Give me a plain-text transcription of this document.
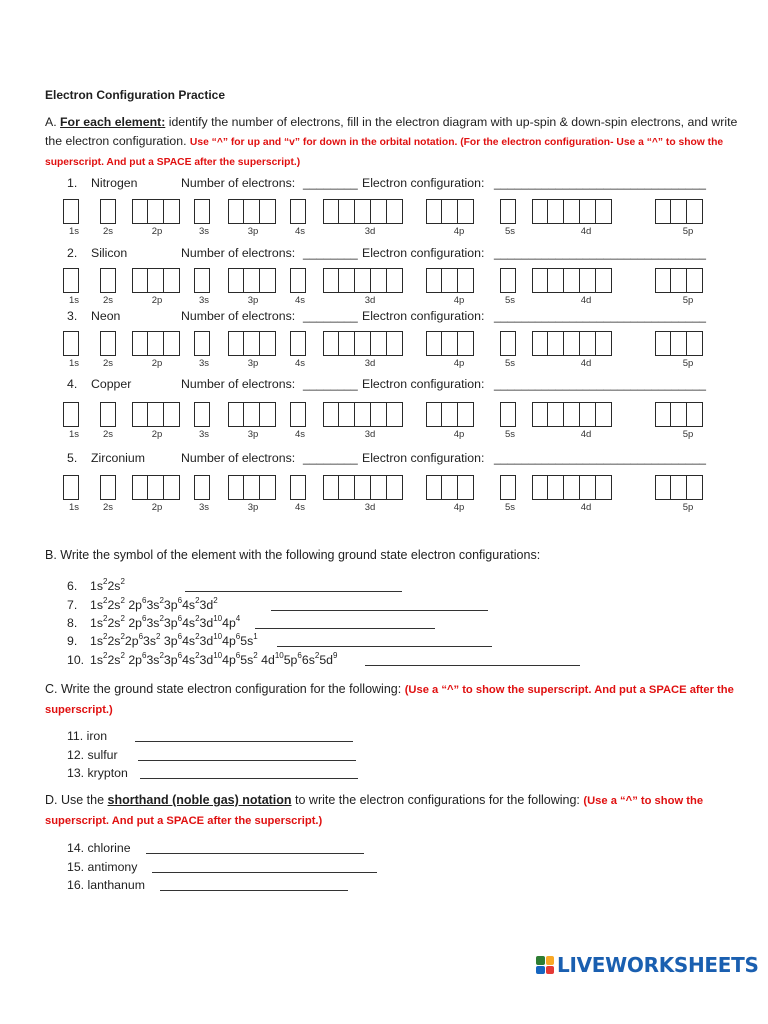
Electron Configuration Practice
A. For each element: identify the number of electrons, fill in the electron diagram with up-spin & down-spin electrons, and write the electron configuration. Use “^” for up and “v” for down in the orbital notation. (For the electron configuration- Use a “^” to show the superscript. And put a SPACE after the superscript.)
1. Nitrogen	Number of electrons: ________ Electron configuration: _______________________________
1s	2s	2p	3s	3p	4s	3d	4p	5s	4d	5p
2. Silicon	Number of electrons: ________ Electron configuration: _______________________________
1s	2s	2p	3s	3p	4s	3d	4p	5s	4d	5p
3. Neon	Number of electrons: ________ Electron configuration: _______________________________
1s	2s	2p	3s	3p	4s	3d	4p	5s	4d	5p
4. Copper	Number of electrons: ________ Electron configuration: _______________________________
1s	2s	2p	3s	3p	4s	3d	4p	5s	4d	5p
5. Zirconium	Number of electrons: ________ Electron configuration: _______________________________
1s	2s	2p	3s	3p	4s	3d	4p	5s	4d	5p
B. Write the symbol of the element with the following ground state electron configurations:
6. $1s^22s^2$
7. $1s^22s^2$ $2p^63s^23p^64s^23d^2$
8. $1s^22s^2$ $2p^63s^23p^64s^23d^{10}4p^4$
9. $1s^22s^22p^63s^2$ $3p^64s^23d^{10}4p^65s^1$
10. $1s^22s^2$ $2p^63s^23p^64s^23d^{10}4p^65s^2$ $4d^{10}5p^66s^25d^9$
C. Write the ground state electron configuration for the following: (Use a “^” to show the superscript. And put a SPACE after the superscript.)
11. iron
12. sulfur
13. krypton
D. Use the shorthand (noble gas) notation to write the electron configurations for the following: (Use a “^” to show the superscript. And put a SPACE after the superscript.)
14. chlorine
15. antimony
16. lanthanum
LIVEWORKSHEETS
